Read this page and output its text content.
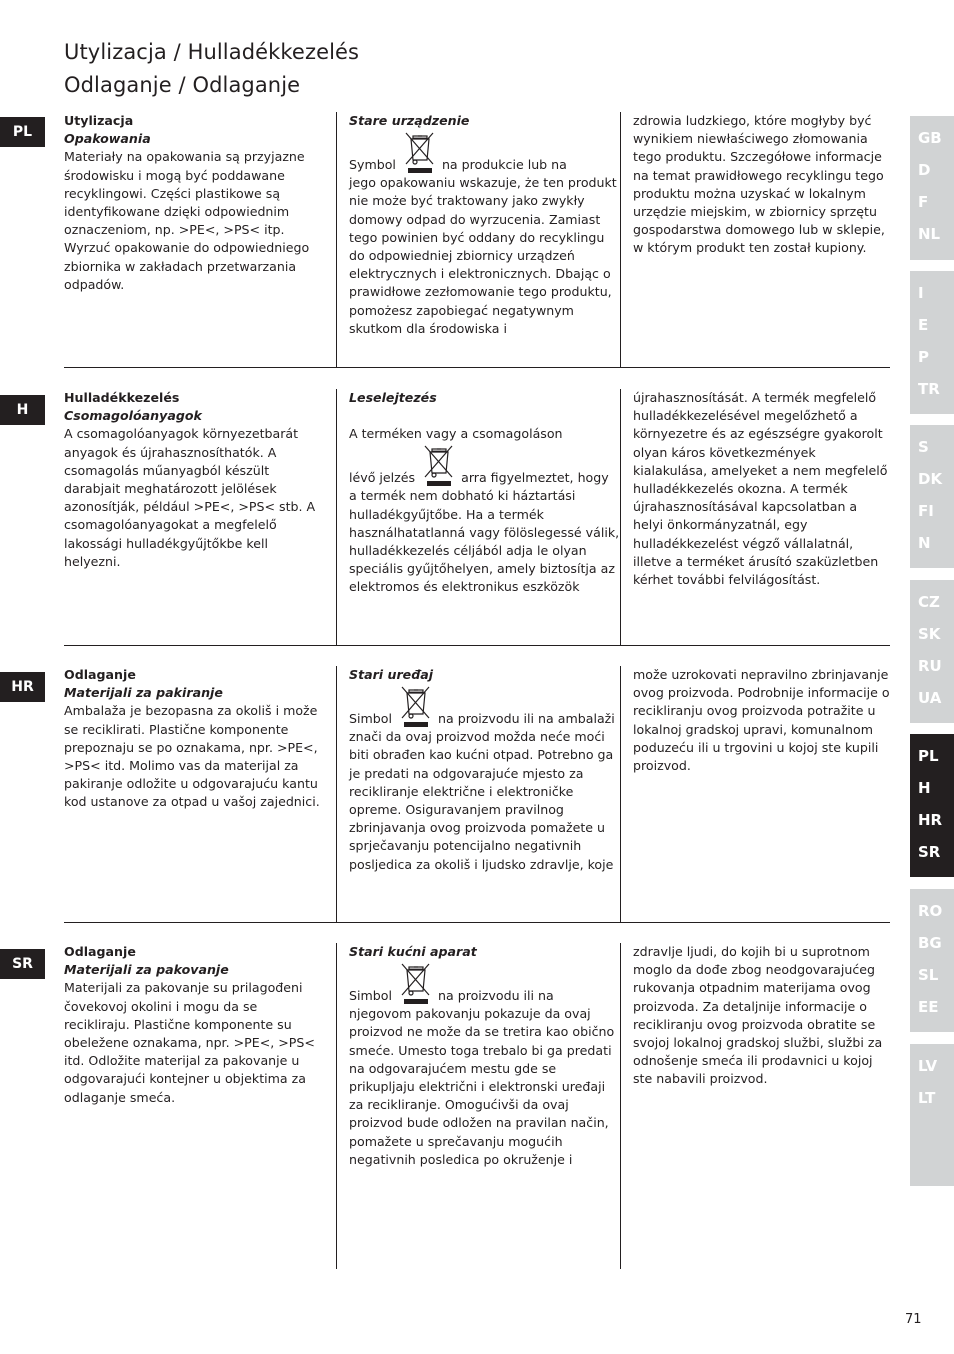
Utylizacja / Hulladékkezelés
Odlaganje / Odlaganje
PL

Utylizacja

Opakowania

Materiały na opakowania są przyjazne środowisku i mogą być poddawane recyklingowi. Części plastikowe są identyfikowane dzięki odpowiednim oznaczeniom, np. >PE<, >PS< itp. Wyrzuć opakowanie do odpowiedniego zbiornika w zakładach przetwarzania odpadów.

Stare urządzenie

Symbol	na produkcie lub na

jego opakowaniu wskazuje, że ten produkt nie może być traktowany jako zwykły domowy odpad do wyrzucenia. Zamiast tego powinien być oddany do recyklingu do odpowiedniej zbiornicy urządzeń elektrycznych i elektronicznych. Dbając o prawidłowe zezłomowanie tego produktu, pomożesz zapobiegać negatywnym skutkom dla środowiska i

zdrowia ludzkiego, które mogłyby być wynikiem niewłaściwego złomowania tego produktu. Szczegółowe informacje na temat prawidłowego recyklingu tego produktu można uzyskać w lokalnym urzędzie miejskim, w zbiornicy sprzętu gospodarstwa domowego lub w sklepie, w którym produkt ten został kupiony.

H

Hulladékkezelés

Csomagolóanyagok

A csomagolóanyagok környezetbarát anyagok és újrahasznosíthatók. A csomagolás műanyagból készült darabjait meghatározott jelölések azonosítják, például >PE<, >PS< stb. A csomagolóanyagokat a megfelelő lakossági hulladékgyűjtőkbe kell helyezni.

Leselejtezés

A terméken vagy a csomagoláson

lévő jelzés	arra figyelmeztet, hogy

a termék nem dobható ki háztartási hulladékgyűjtőbe. Ha a termék használhatatlanná vagy fölöslegessé válik, hulladékkezelés céljából adja le olyan speciális gyűjtőhelyen, amely biztosítja az elektromos és elektronikus eszközök

újrahasznosítását. A termék megfelelő hulladékkezelésével megelőzhető a környezetre és az egészségre gyakorolt olyan káros következmények kialakulása, amelyeket a nem megfelelő hulladékkezelés okozna. A termék újrahasznosításával kapcsolatban a helyi önkormányzatnál, egy hulladékkezelést végző vállalatnál, illetve a terméket árusító szaküzletben kérhet további felvilágosítást.

HR

Odlaganje

Materijali za pakiranje

Ambalaža je bezopasna za okoliš i može se reciklirati. Plastične komponente prepoznaju se po oznakama, npr. >PE<, >PS< itd. Molimo vas da materijal za pakiranje odložite u odgovarajuću kantu kod ustanove za otpad u vašoj zajednici.

Stari uređaj

Simbol	na proizvodu ili na ambalaži

znači da ovaj proizvod možda neće moći biti obrađen kao kućni otpad. Potrebno ga je predati na odgovarajuće mjesto za recikliranje električne i elektroničke opreme. Osiguravanjem pravilnog zbrinjavanja ovog proizvoda pomažete u sprječavanju potencijalno negativnih posljedica za okoliš i ljudsko zdravlje, koje

može uzrokovati nepravilno zbrinjavanje ovog proizvoda. Podrobnije informacije o recikliranju ovog proizvoda potražite u lokalnoj gradskoj upravi, komunalnom poduzeću ili u trgovini u kojoj ste kupili proizvod.

SR

Odlaganje

Materijali za pakovanje

Materijali za pakovanje su prilagođeni čovekovoj okolini i mogu da se recikliraju. Plastične komponente su obeležene oznakama, npr. >PE<, >PS< itd. Odložite materijal za pakovanje u odgovarajući kontejner u objektima za odlaganje smeća.

Stari kućni aparat

Simbol	na proizvodu ili na

njegovom pakovanju pokazuje da ovaj proizvod ne može da se tretira kao obično smeće. Umesto toga trebalo bi ga predati na odgovarajućem mestu gde se prikupljaju električni i elektronski uređaji za recikliranje. Omogućivši da ovaj proizvod bude odložen na pravilan način, pomažete u sprečavanju mogućih negativnih posledica po okruženje i

zdravlje ljudi, do kojih bi u suprotnom moglo da dođe zbog neodgovarajućeg rukovanja otpadnim materijama ovog proizvoda. Za detaljnije informacije o recikliranju ovog proizvoda obratite se svojoj lokalnoj gradskoj službi, službi za odnošenje smeća ili prodavnici u kojoj ste nabavili proizvod.

GB
D
F
NL
I
E
P
TR
S
DK
FI
N
CZ
SK
RU
UA
PL
H
HR
SR
RO
BG
SL
EE
LV
LT
71
